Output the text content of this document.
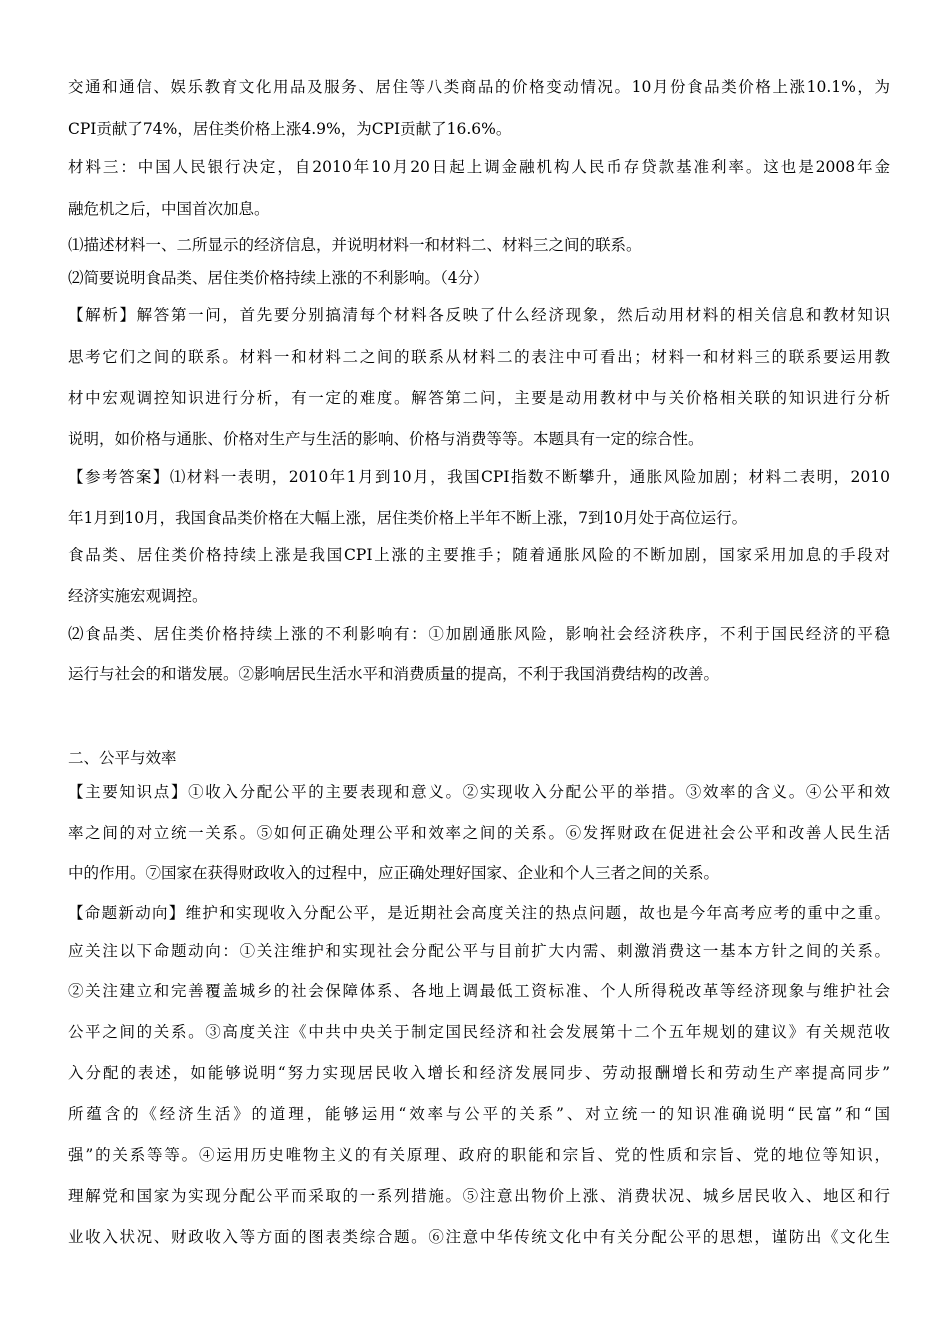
交通和通信、娱乐教育文化用品及服务、居住等八类商品的价格变动情况。10月份食品类价格上涨10.1%，为
CPI贡献了74%，居住类价格上涨4.9%，为CPI贡献了16.6%。
材料三：中国人民银行决定，自2010年10月20日起上调金融机构人民币存贷款基准利率。这也是2008年金
融危机之后，中国首次加息。
⑴描述材料一、二所显示的经济信息，并说明材料一和材料二、材料三之间的联系。
⑵简要说明食品类、居住类价格持续上涨的不利影响。（4分）
【解析】解答第一问，首先要分别搞清每个材料各反映了什么经济现象，然后动用材料的相关信息和教材知识
思考它们之间的联系。材料一和材料二之间的联系从材料二的表注中可看出；材料一和材料三的联系要运用教
材中宏观调控知识进行分析，有一定的难度。解答第二问，主要是动用教材中与关价格相关联的知识进行分析
说明，如价格与通胀、价格对生产与生活的影响、价格与消费等等。本题具有一定的综合性。
【参考答案】⑴材料一表明，2010年1月到10月，我国CPI指数不断攀升，通胀风险加剧；材料二表明，2010
年1月到10月，我国食品类价格在大幅上涨，居住类价格上半年不断上涨，7到10月处于高位运行。
食品类、居住类价格持续上涨是我国CPI上涨的主要推手；随着通胀风险的不断加剧，国家采用加息的手段对
经济实施宏观调控。
⑵食品类、居住类价格持续上涨的不利影响有：①加剧通胀风险，影响社会经济秩序，不利于国民经济的平稳
运行与社会的和谐发展。②影响居民生活水平和消费质量的提高，不利于我国消费结构的改善。
二、公平与效率
【主要知识点】①收入分配公平的主要表现和意义。②实现收入分配公平的举措。③效率的含义。④公平和效
率之间的对立统一关系。⑤如何正确处理公平和效率之间的关系。⑥发挥财政在促进社会公平和改善人民生活
中的作用。⑦国家在获得财政收入的过程中，应正确处理好国家、企业和个人三者之间的关系。
【命题新动向】维护和实现收入分配公平，是近期社会高度关注的热点问题，故也是今年高考应考的重中之重。
应关注以下命题动向：①关注维护和实现社会分配公平与目前扩大内需、刺激消费这一基本方针之间的关系。
②关注建立和完善覆盖城乡的社会保障体系、各地上调最低工资标准、个人所得税改革等经济现象与维护社会
公平之间的关系。③高度关注《中共中央关于制定国民经济和社会发展第十二个五年规划的建议》有关规范收
入分配的表述，如能够说明“努力实现居民收入增长和经济发展同步、劳动报酬增长和劳动生产率提高同步”
所蕴含的《经济生活》的道理，能够运用“效率与公平的关系”、对立统一的知识准确说明“民富”和“国
强”的关系等等。④运用历史唯物主义的有关原理、政府的职能和宗旨、党的性质和宗旨、党的地位等知识，
理解党和国家为实现分配公平而采取的一系列措施。⑤注意出物价上涨、消费状况、城乡居民收入、地区和行
业收入状况、财政收入等方面的图表类综合题。⑥注意中华传统文化中有关分配公平的思想，谨防出《文化生
